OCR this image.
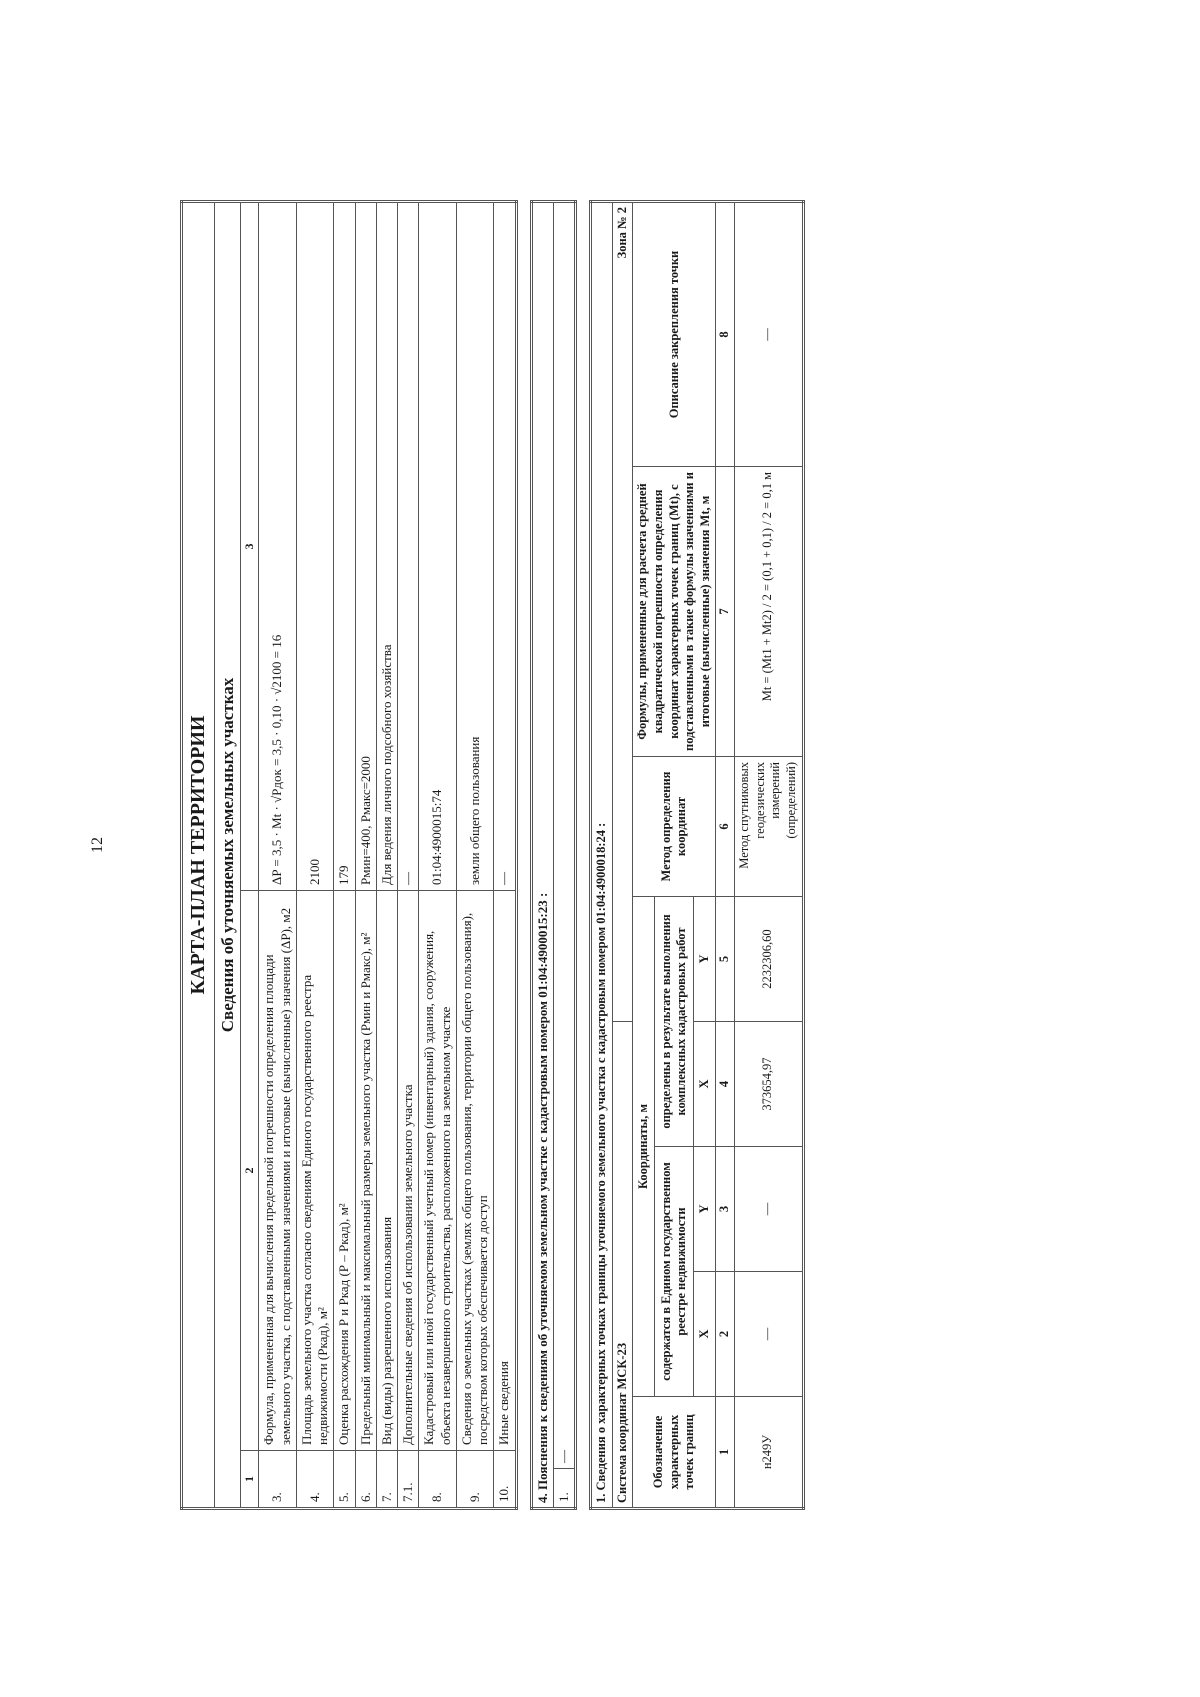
12	КАРТА-ПЛАН ТЕРРИТОРИИ		
Сведения об уточняемых земельных участках		
1	2	3
3.	Формула, примененная для вычисления предельной погрешности определения площади земельного участка, с подставленными значениями и итоговые (вычисленные) значения (ΔP), м2	ΔP = 3,5 · Mt · √Pдок = 3,5 · 0,10 · √2100 = 16
4.	Площадь земельного участка согласно сведениям Единого государственного реестра недвижимости (Ркад), м²	2100
5.	Оценка расхождения Р и Ркад (Р – Ркад), м²	179
6.	Предельный минимальный и максимальный размеры земельного участка (Рмин и Рмакс), м²	Рмин=400, Рмакс=2000
7.	Вид (виды) разрешенного использования	Для ведения личного подсобного хозяйства
7.1.	Дополнительные сведения об использовании земельного участка	—
8.	Кадастровый или иной государственный учетный номер (инвентарный) здания, сооружения, объекта незавершенного строительства, расположенного на земельном участке	01:04:4900015:74
9.	Сведения о земельных участках (землях общего пользования, территории общего пользования), посредством которых обеспечивается доступ	земли общего пользования
10.	Иные сведения	—
4. Пояснения к сведениям об уточняемом земельном участке с кадастровым номером 01:04:4900015:23 :
1.	— 1. Сведения о характерных точках границы уточняемого земельного участка с кадастровым номером 01:04:4900018:24 :							
Система координат МСК-23				Зона № 2			
Обозначение характерных точек границ	Координаты, м				Метод определения координат	Формулы, примененные для расчета средней квадратической погрешности определения координат характерных точек границ (Mt), с подставленными в такие формулы значениями и итоговые (вычисленные) значения Mt, м	Описание закрепления точки
	содержатся в Едином государственном реестре недвижимости		определены в результате выполнения комплексных кадастровых работ				
	X	Y	X	Y			
1	2	3	4	5	6	7	8
н249У	—	—	373654,97	2232306,60	Метод спутниковых геодезических измерений (определений)	Mt = (Mt1 + Mt2) / 2 = (0,1 + 0,1) / 2 = 0,1 м	—
